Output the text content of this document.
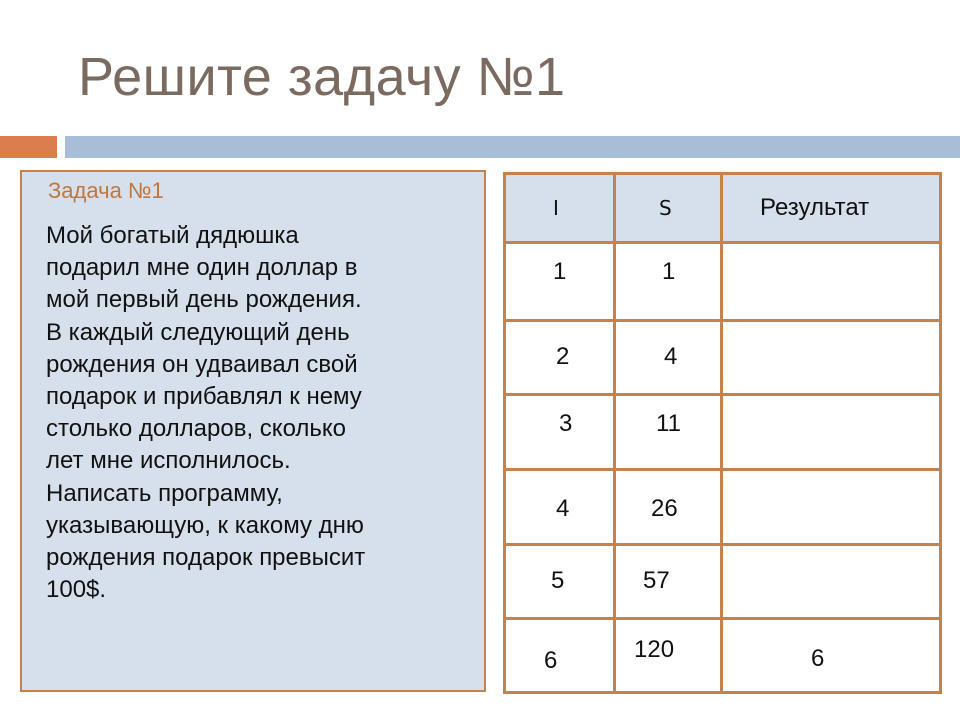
Решите задачу №1
Задача №1
Мой богатый дядюшка
подарил мне один доллар в
мой первый день рождения.
В каждый следующий день
рождения он удваивал свой
подарок и прибавлял к нему
столько долларов, сколько
лет мне исполнилось.
Написать программу,
указывающую, к какому дню
рождения подарок превысит
100$.
I	S	Результат
1	1
2	4
3	11
4	26
5	57
6	120	6
